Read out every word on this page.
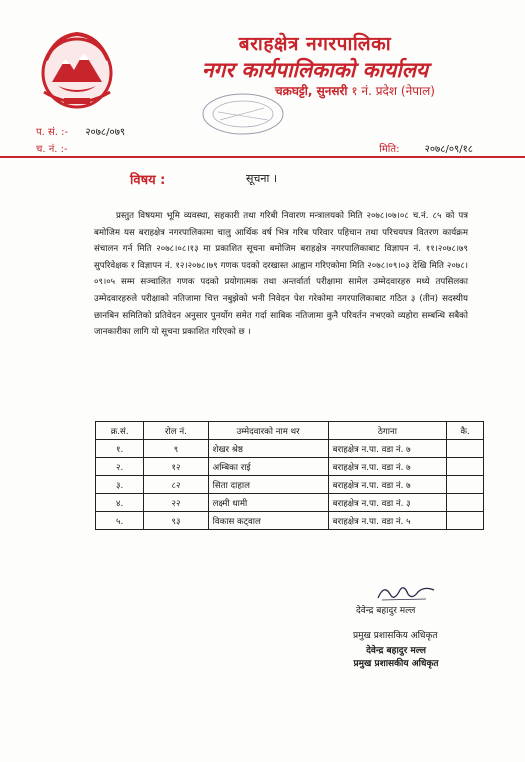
बराहक्षेत्र नगरपालिका
नगर कार्यपालिकाको कार्यालय
चक्रघट्टी, सुनसरी १ नं. प्रदेश (नेपाल)
प. सं. :- २०७८/०७९
च. नं. :-	मिति:	२०७८/०९/१८
विषय :	सूचना ।
प्रस्तुत विषयमा भूमि व्यवस्था, सहकारी तथा गरिबी निवारण मन्त्रालयको मिति २०७८।०७।०८ च.नं. ८५ को पत्र बमोजिम यस बराहक्षेत्र नगरपालिकामा चालु आर्थिक वर्ष भित्र गरिब परिवार पहिचान तथा परिचयपत्र वितरण कार्यक्रम संचालन गर्न मिति २०७८।०८।१३ मा प्रकाशित सूचना बमोजिम बराहक्षेत्र नगरपालिकाबाट विज्ञापन नं. ११।२०७८।७९ सुपरिवेक्षक र विज्ञापन नं. १२।२०७८।७९ गणक पदको दरखास्त आह्वान गरिएकोमा मिति २०७८।०९।०३ देखि मिति २०७८।०९।०५ सम्म सञ्चालित गणक पदको प्रयोगात्मक तथा अन्तर्वार्ता परीक्षामा सामेल उम्मेदवारहरु मध्ये तपसिलका उम्मेदवारहरुले परीक्षाको नतिजामा चित्त नबुझेको भनी निवेदन पेश गरेकोमा नगरपालिकाबाट गठित ३ (तीन) सदस्यीय छानबिन समितिको प्रतिवेदन अनुसार पुनर्योग समेत गर्दा साबिक नतिजामा कुनै परिवर्तन नभएको व्यहोरा सम्बन्धि सबैको जानकारीका लागि यो सूचना प्रकाशित गरिएको छ ।
क्र.सं.	रोल नं.	उम्मेदवारको नाम थर	ठेगाना	कै.
१.	९	शेखर श्रेष्ठ	बराहक्षेत्र न.पा. वडा नं. ७	
२.	१२	अम्बिका राई	बराहक्षेत्र न.पा. वडा नं. ७	
३.	८२	सिता दाहाल	बराहक्षेत्र न.पा. वडा नं. ७	
४.	२२	लक्ष्मी धामी	बराहक्षेत्र न.पा. वडा नं. ३	
५.	९३	विकास कट्वाल	बराहक्षेत्र न.पा. वडा नं. ५	
देवेन्द्र बहादुर मल्ल
प्रमुख प्रशासकिय अधिकृत
देवेन्द्र बहादुर मल्ल
प्रमुख प्रशासकीय अधिकृत
